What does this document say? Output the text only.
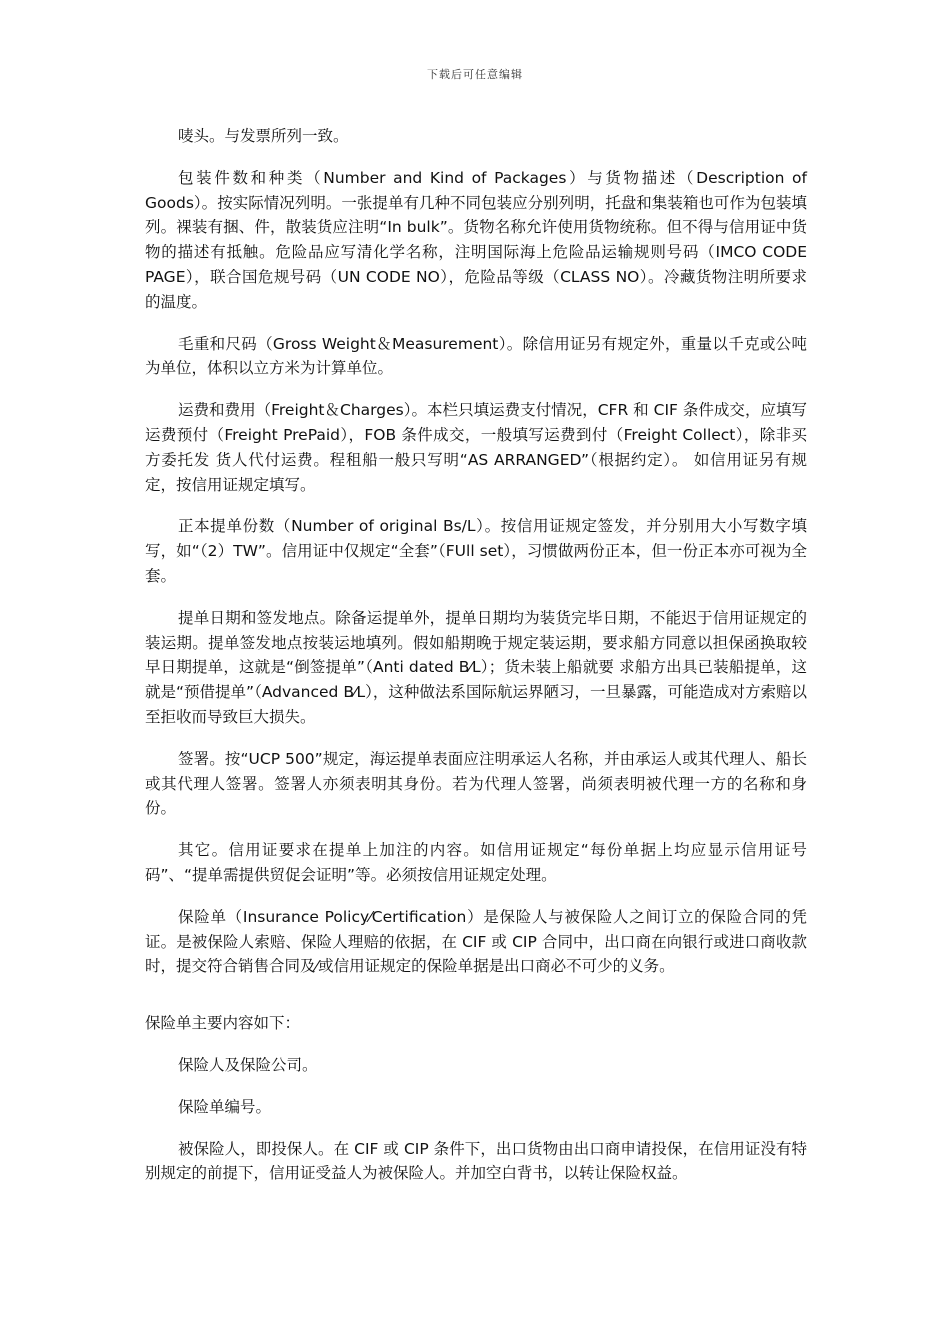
下载后可任意编辑

唛头。与发票所列一致。

包装件数和种类（Number and Kind of Packages）与货物描述（Description of Goods）。按实际情况列明。一张提单有几种不同包装应分别列明，托盘和集装箱也可作为包装填列。裸装有捆、件，散装货应注明“In bulk”。货物名称允许使用货物统称。但不得与信用证中货物的描述有抵触。危险品应写清化学名称，注明国际海上危险品运输规则号码（IMCO CODE PAGE），联合国危规号码（UN CODE NO），危险品等级（CLASS NO）。冷藏货物注明所要求的温度。

毛重和尺码（Gross Weight＆Measurement）。除信用证另有规定外，重量以千克或公吨为单位，体积以立方米为计算单位。

运费和费用（Freight＆Charges）。本栏只填运费支付情况，CFR 和 CIF 条件成交，应填写运费预付（Freight PrePaid），FOB 条件成交，一般填写运费到付（Freight Collect），除非买方委托发 货人代付运费。程租船一般只写明“AS ARRANGED”（根据约定）。 如信用证另有规定，按信用证规定填写。

正本提单份数（Number of original Bs/L）。按信用证规定签发，并分别用大小写数字填写，如“（2）TW”。信用证中仅规定“全套”（FUll set），习惯做两份正本，但一份正本亦可视为全套。

提单日期和签发地点。除备运提单外，提单日期均为装货完毕日期，不能迟于信用证规定的装运期。提单签发地点按装运地填列。假如船期晚于规定装运期，要求船方同意以担保函换取较早日期提单，这就是“倒签提单”（Anti dated B⁄L）；货未装上船就要 求船方出具已装船提单，这就是“预借提单”（Advanced B⁄L），这种做法系国际航运界陋习，一旦暴露，可能造成对方索赔以至拒收而导致巨大损失。

签署。按“UCP 500”规定，海运提单表面应注明承运人名称，并由承运人或其代理人、船长或其代理人签署。签署人亦须表明其身份。若为代理人签署，尚须表明被代理一方的名称和身份。

其它。信用证要求在提单上加注的内容。如信用证规定“每份单据上均应显示信用证号码”、“提单需提供贸促会证明”等。必须按信用证规定处理。

保险单（Insurance Policy⁄Certification）是保险人与被保险人之间订立的保险合同的凭证。是被保险人索赔、保险人理赔的依据，在 CIF 或 CIP 合同中，出口商在向银行或进口商收款时，提交符合销售合同及⁄或信用证规定的保险单据是出口商必不可少的义务。

保险单主要内容如下：

保险人及保险公司。

保险单编号。

被保险人，即投保人。在 CIF 或 CIP 条件下，出口货物由出口商申请投保，在信用证没有特别规定的前提下，信用证受益人为被保险人。并加空白背书，以转让保险权益。
